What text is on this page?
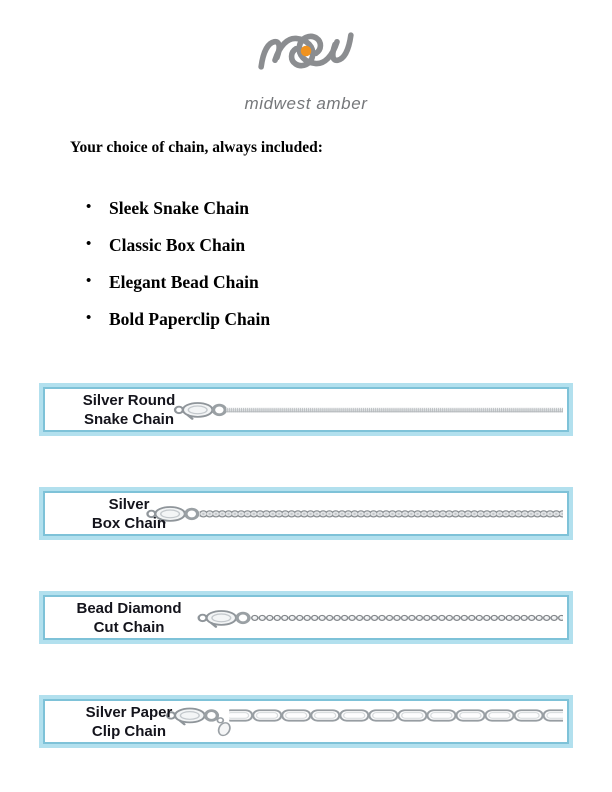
midwest amber
Your choice of chain, always included:
• Sleek Snake Chain
• Classic Box Chain
• Elegant Bead Chain
• Bold Paperclip Chain
Silver Round
Snake Chain
Silver
Box Chain
Bead Diamond
Cut Chain
Silver Paper
Clip Chain
